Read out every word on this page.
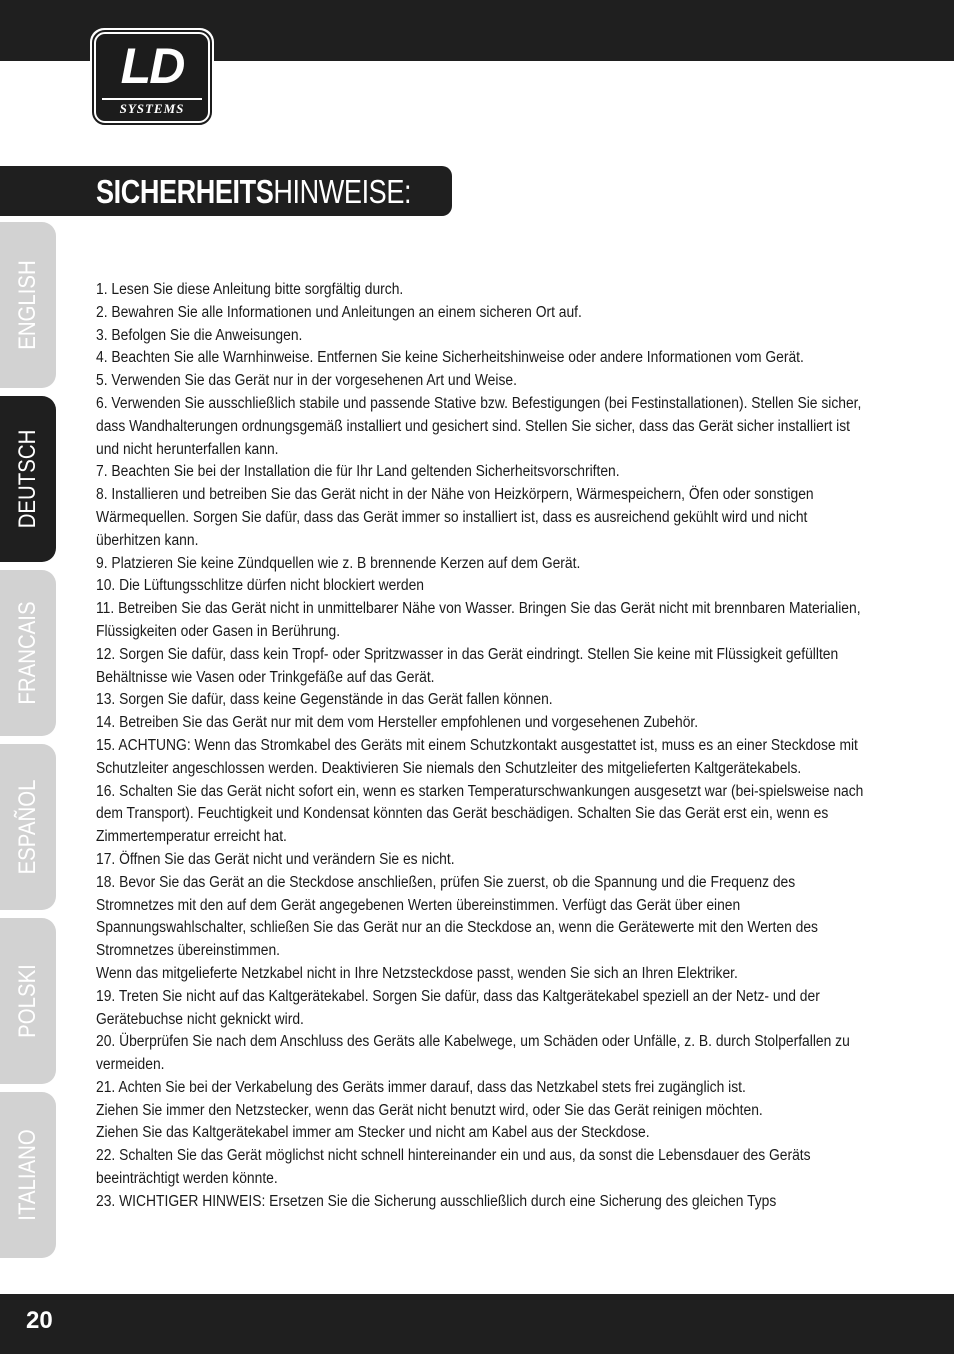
LD
SYSTEMS
SICHERHEITSHINWEISE:
ENGLISH
DEUTSCH
FRANCAIS
ESPAÑOL
POLSKI
ITALIANO

1. Lesen Sie diese Anleitung bitte sorgfältig durch.

2. Bewahren Sie alle Informationen und Anleitungen an einem sicheren Ort auf.

3. Befolgen Sie die Anweisungen.

4. Beachten Sie alle Warnhinweise. Entfernen Sie keine Sicherheitshinweise oder andere Informationen vom Gerät.

5. Verwenden Sie das Gerät nur in der vorgesehenen Art und Weise.

6. Verwenden Sie ausschließlich stabile und passende Stative bzw. Befestigungen (bei Festinstallationen). Stellen Sie sicher, dass Wandhalterungen ordnungsgemäß installiert und gesichert sind. Stellen Sie sicher, dass das Gerät sicher installiert ist und nicht herunterfallen kann.

7. Beachten Sie bei der Installation die für Ihr Land geltenden Sicherheitsvorschriften.

8. Installieren und betreiben Sie das Gerät nicht in der Nähe von Heizkörpern, Wärmespeichern, Öfen oder sonstigen Wärmequellen. Sorgen Sie dafür, dass das Gerät immer so installiert ist, dass es ausreichend gekühlt wird und nicht überhitzen kann.

9. Platzieren Sie keine Zündquellen wie z. B brennende Kerzen auf dem Gerät.

10. Die Lüftungsschlitze dürfen nicht blockiert werden

11. Betreiben Sie das Gerät nicht in unmittelbarer Nähe von Wasser. Bringen Sie das Gerät nicht mit brennbaren Materialien, Flüssigkeiten oder Gasen in Berührung.

12. Sorgen Sie dafür, dass kein Tropf- oder Spritzwasser in das Gerät eindringt. Stellen Sie keine mit Flüssigkeit gefüllten Behältnisse wie Vasen oder Trinkgefäße auf das Gerät.

13. Sorgen Sie dafür, dass keine Gegenstände in das Gerät fallen können.

14. Betreiben Sie das Gerät nur mit dem vom Hersteller empfohlenen und vorgesehenen Zubehör.

15. ACHTUNG: Wenn das Stromkabel des Geräts mit einem Schutzkontakt ausgestattet ist, muss es an einer Steckdose mit Schutzleiter angeschlossen werden. Deaktivieren Sie niemals den Schutzleiter des mitgelieferten Kaltgerätekabels.

16. Schalten Sie das Gerät nicht sofort ein, wenn es starken Temperaturschwankungen ausgesetzt war (bei-spielsweise nach dem Transport). Feuchtigkeit und Kondensat könnten das Gerät beschädigen. Schalten Sie das Gerät erst ein, wenn es Zimmertemperatur erreicht hat.

17. Öffnen Sie das Gerät nicht und verändern Sie es nicht.

18. Bevor Sie das Gerät an die Steckdose anschließen, prüfen Sie zuerst, ob die Spannung und die Frequenz des Stromnetzes mit den auf dem Gerät angegebenen Werten übereinstimmen. Verfügt das Gerät über einen Spannungswahlschalter, schließen Sie das Gerät nur an die Steckdose an, wenn die Gerätewerte mit den Werten des Stromnetzes übereinstimmen.

Wenn das mitgelieferte Netzkabel nicht in Ihre Netzsteckdose passt, wenden Sie sich an Ihren Elektriker.

19. Treten Sie nicht auf das Kaltgerätekabel. Sorgen Sie dafür, dass das Kaltgerätekabel speziell an der Netz- und der Gerätebuchse nicht geknickt wird.

20. Überprüfen Sie nach dem Anschluss des Geräts alle Kabelwege, um Schäden oder Unfälle, z. B. durch Stolperfallen zu vermeiden.

21. Achten Sie bei der Verkabelung des Geräts immer darauf, dass das Netzkabel stets frei zugänglich ist.

Ziehen Sie immer den Netzstecker, wenn das Gerät nicht benutzt wird, oder Sie das Gerät reinigen möchten.

Ziehen Sie das Kaltgerätekabel immer am Stecker und nicht am Kabel aus der Steckdose.

22. Schalten Sie das Gerät möglichst nicht schnell hintereinander ein und aus, da sonst die Lebensdauer des Geräts beeinträchtigt werden könnte.

23. WICHTIGER HINWEIS: Ersetzen Sie die Sicherung ausschließlich durch eine Sicherung des gleichen Typs

20
